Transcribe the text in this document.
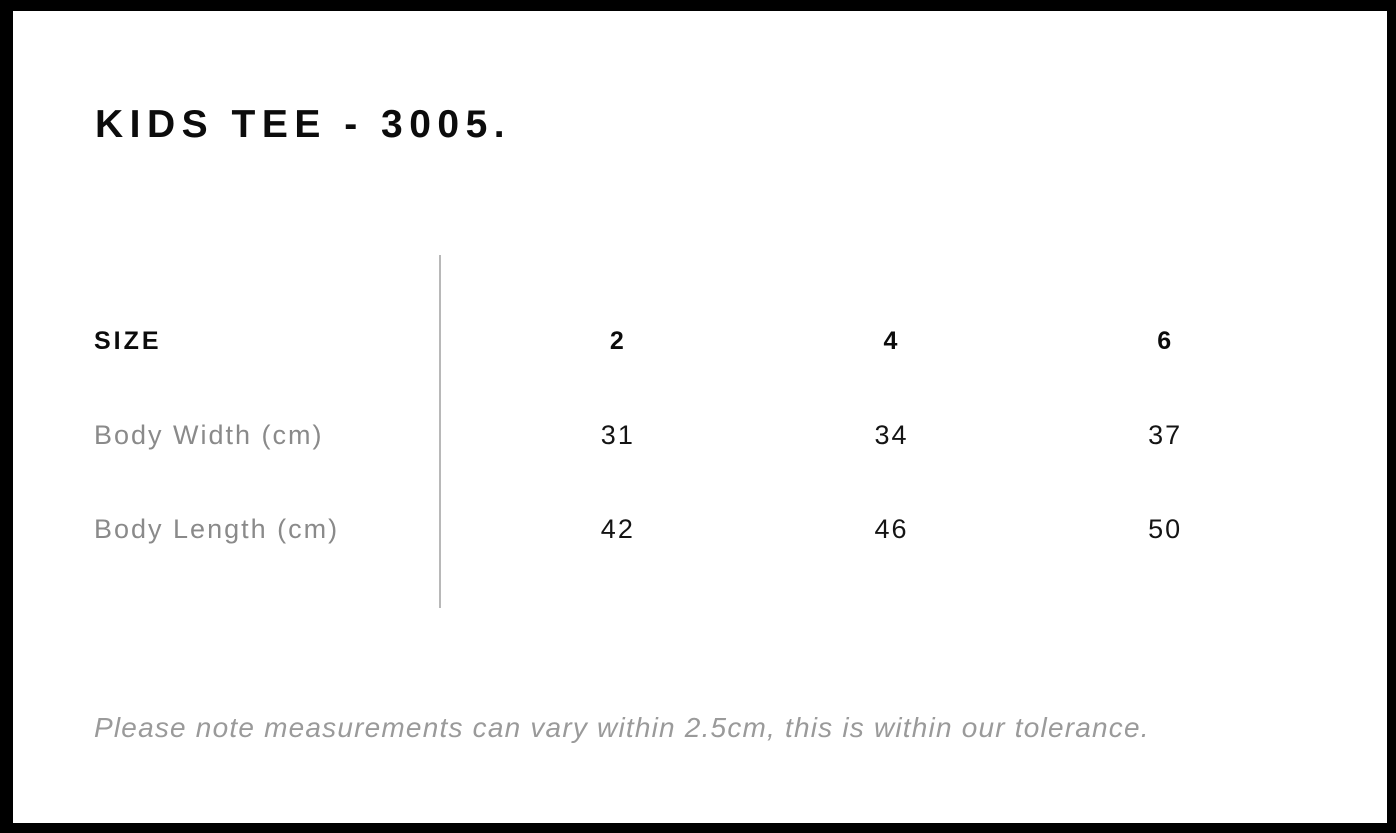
KIDS TEE - 3005.
SIZE	2	4	6
Body Width (cm)	31	34	37
Body Length (cm)	42	46	50

Please note measurements can vary within 2.5cm, this is within our tolerance.
